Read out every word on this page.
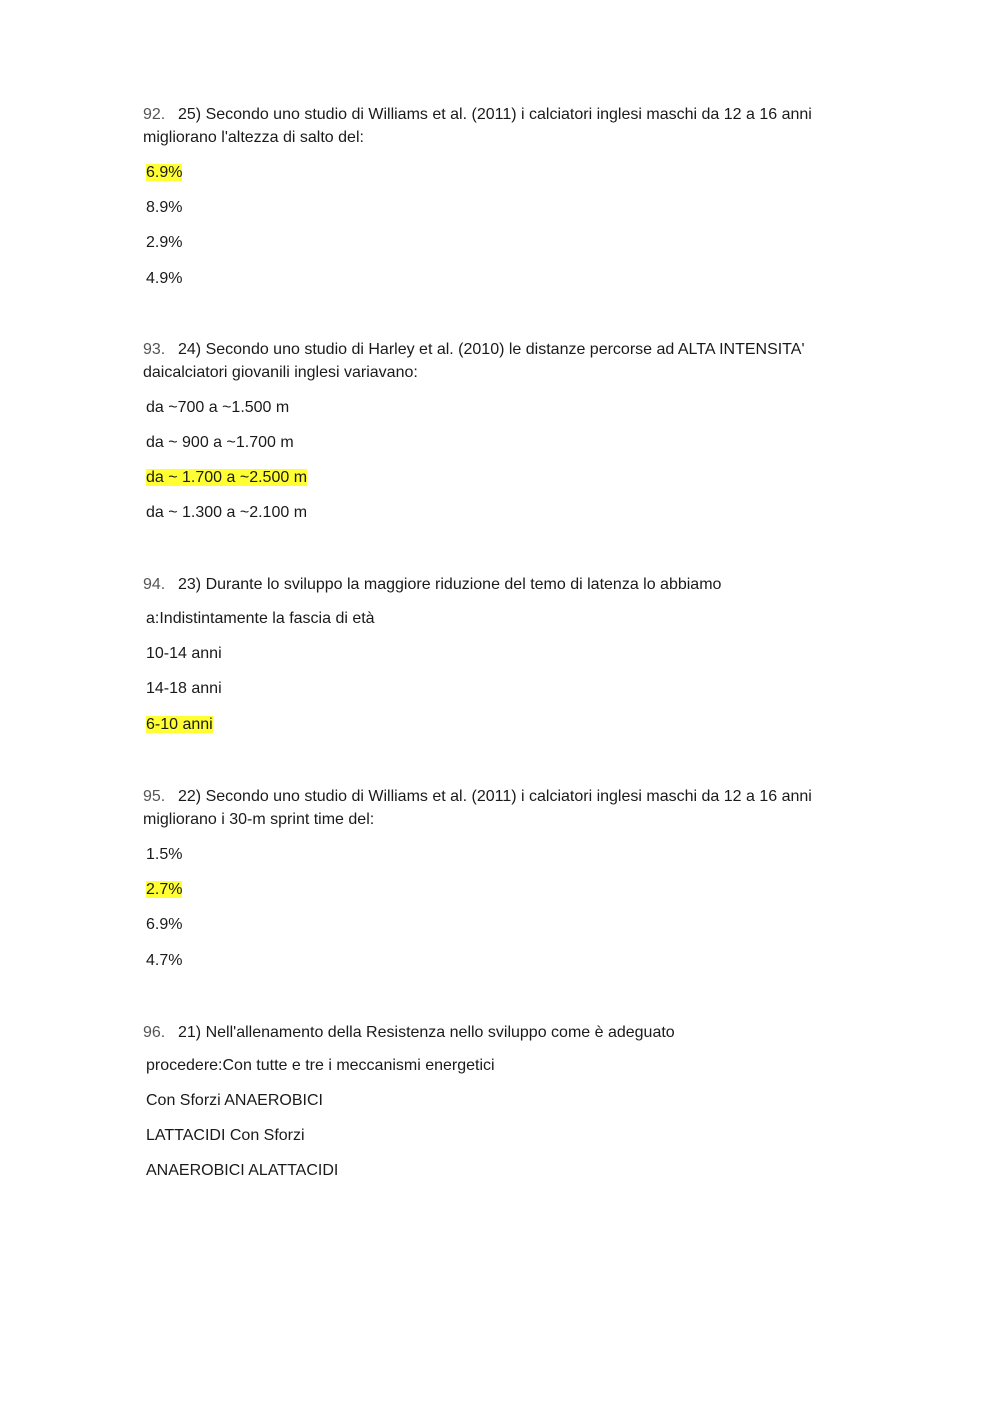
92. 25) Secondo uno studio di Williams et al. (2011) i calciatori inglesi maschi da 12 a 16 anni

migliorano l'altezza di salto del:

6.9%
8.9%
2.9%
4.9%

93. 24) Secondo uno studio di Harley et al. (2010) le distanze percorse ad ALTA INTENSITA'

daicalciatori giovanili inglesi variavano:

da ~700 a ~1.500 m
da ~ 900 a ~1.700 m
da ~ 1.700 a ~2.500 m
da ~ 1.300 a ~2.100 m

94. 23) Durante lo sviluppo la maggiore riduzione del temo di latenza lo abbiamo

a:Indistintamente la fascia di età
10-14 anni
14-18 anni
6-10 anni

95. 22) Secondo uno studio di Williams et al. (2011) i calciatori inglesi maschi da 12 a 16 anni

migliorano i 30-m sprint time del:

1.5%
2.7%
6.9%
4.7%

96. 21) Nell'allenamento della Resistenza nello sviluppo come è adeguato

procedere:Con tutte e tre i meccanismi energetici
Con Sforzi ANAEROBICI
LATTACIDI Con Sforzi
ANAEROBICI ALATTACIDI
